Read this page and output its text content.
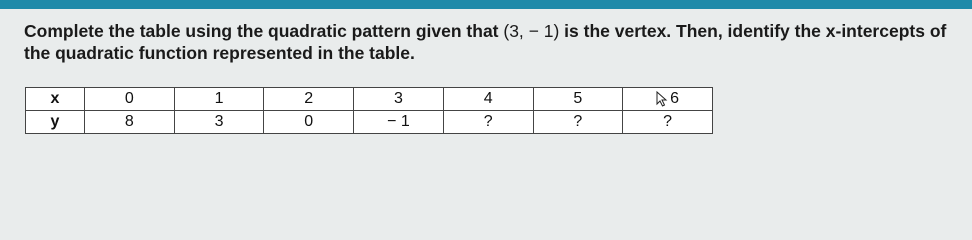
Complete the table using the quadratic pattern given that (3, − 1) is the vertex. Then, identify the x-intercepts of the quadratic function represented in the table.
x	0	1	2	3	4	5	6
y	8	3	0	− 1	?	?	?
